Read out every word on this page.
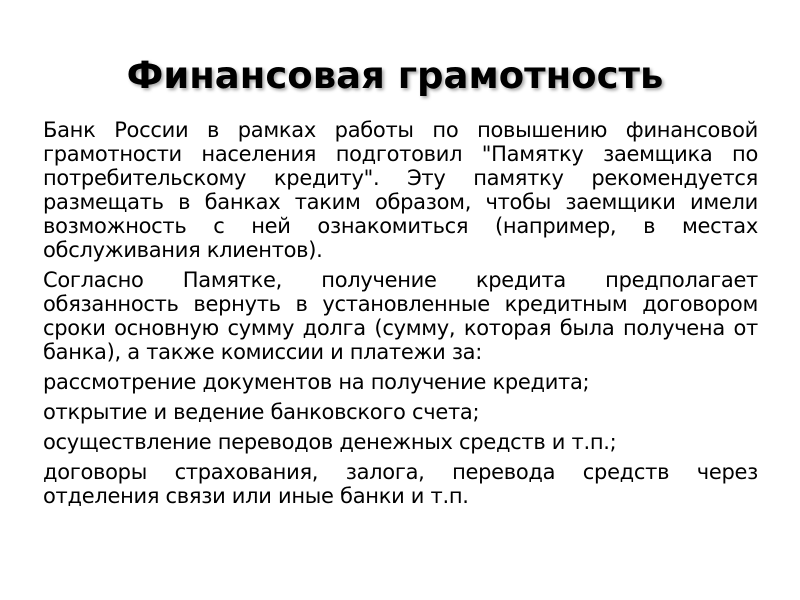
Финансовая грамотность

Банк России в рамках работы по повышению финансовой грамотности населения подготовил "Памятку заемщика по потребительскому кредиту". Эту памятку рекомендуется размещать в банках таким образом, чтобы заемщики имели возможность с ней ознакомиться (например, в местах обслуживания клиентов).

Согласно Памятке, получение кредита предполагает обязанность вернуть в установленные кредитным договором сроки основную сумму долга (сумму, которая была получена от банка), а также комиссии и платежи за:

рассмотрение документов на получение кредита;

открытие и ведение банковского счета;

осуществление переводов денежных средств и т.п.;

договоры страхования, залога, перевода средств через отделения связи или иные банки и т.п.
